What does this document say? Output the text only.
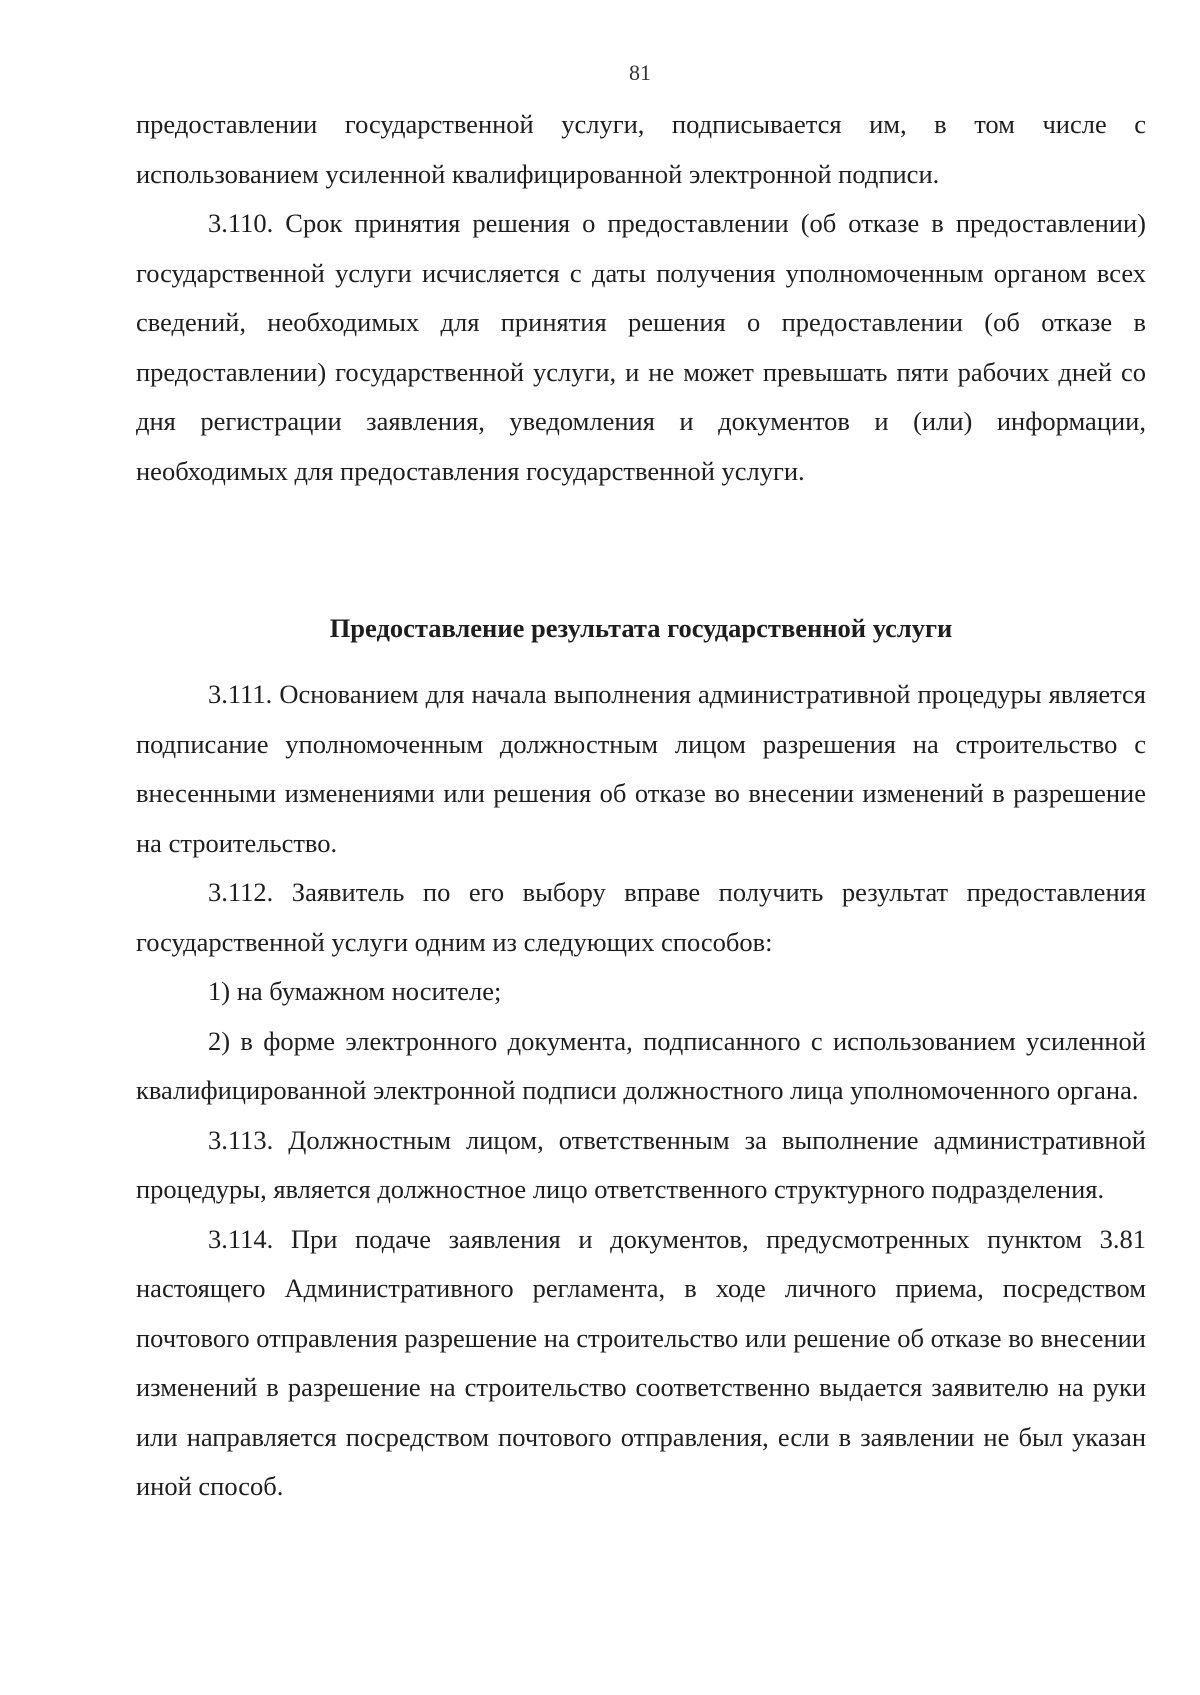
81

предоставлении государственной услуги, подписывается им, в том числе с использованием усиленной квалифицированной электронной подписи.

3.110. Срок принятия решения о предоставлении (об отказе в предоставлении) государственной услуги исчисляется с даты получения уполномоченным органом всех сведений, необходимых для принятия решения о предоставлении (об отказе в предоставлении) государственной услуги, и не может превышать пяти рабочих дней со дня регистрации заявления, уведомления и документов и (или) информации, необходимых для предоставления государственной услуги.

Предоставление результата государственной услуги

3.111. Основанием для начала выполнения административной процедуры является подписание уполномоченным должностным лицом разрешения на строительство с внесенными изменениями или решения об отказе во внесении изменений в разрешение на строительство.

3.112. Заявитель по его выбору вправе получить результат предоставления государственной услуги одним из следующих способов:

1) на бумажном носителе;

2) в форме электронного документа, подписанного с использованием усиленной квалифицированной электронной подписи должностного лица уполномоченного органа.

3.113. Должностным лицом, ответственным за выполнение административной процедуры, является должностное лицо ответственного структурного подразделения.

3.114. При подаче заявления и документов, предусмотренных пунктом 3.81 настоящего Административного регламента, в ходе личного приема, посредством почтового отправления разрешение на строительство или решение об отказе во внесении изменений в разрешение на строительство соответственно выдается заявителю на руки или направляется посредством почтового отправления, если в заявлении не был указан иной способ.
